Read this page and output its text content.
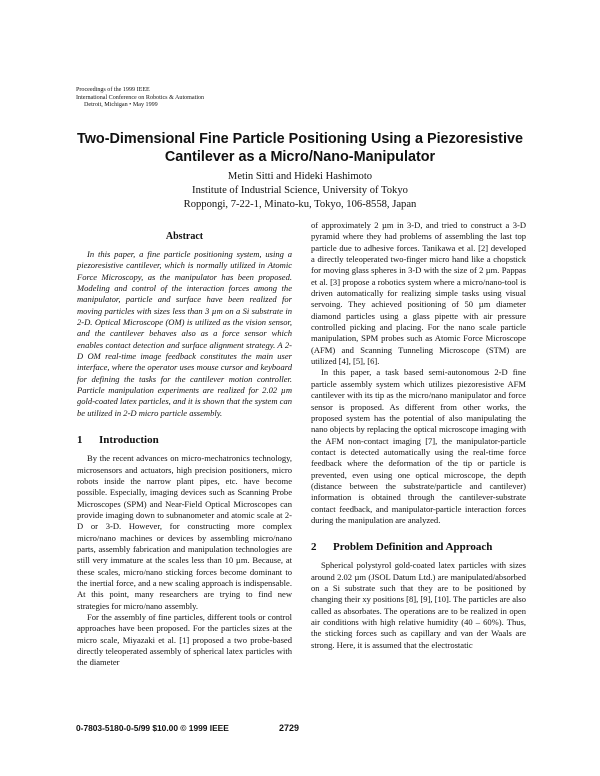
Proceedings of the 1999 IEEE
International Conference on Robotics & Automation
Detroit, Michigan • May 1999
Two-Dimensional Fine Particle Positioning Using a Piezoresistive
Cantilever as a Micro/Nano-Manipulator
Metin Sitti and Hideki Hashimoto
Institute of Industrial Science, University of Tokyo
Roppongi, 7-22-1, Minato-ku, Tokyo, 106-8558, Japan
Abstract

In this paper, a fine particle positioning system, using a piezoresistive cantilever, which is normally utilized in Atomic Force Microscopy, as the manipulator has been proposed. Modeling and control of the interaction forces among the manipulator, particle and surface have been realized for moving particles with sizes less than 3 µm on a Si substrate in 2-D. Optical Microscope (OM) is utilized as the vision sensor, and the cantilever behaves also as a force sensor which enables contact detection and surface alignment strategy. A 2-D OM real-time image feedback constitutes the main user interface, where the operator uses mouse cursor and keyboard for defining the tasks for the cantilever motion controller. Particle manipulation experiments are realized for 2.02 µm gold-coated latex particles, and it is shown that the system can be utilized in 2-D micro particle assembly.

1 Introduction

By the recent advances on micro-mechatronics technology, microsensors and actuators, high precision positioners, micro robots inside the narrow plant pipes, etc. have become possible. Especially, imaging devices such as Scanning Probe Microscopes (SPM) and Near-Field Optical Microscopes can provide imaging down to subnanometer and atomic scale at 2-D or 3-D. However, for constructing more complex micro/nano machines or devices by assembling micro/nano parts, assembly fabrication and manipulation technologies are still very immature at the scales less than 10 µm. Because, at these scales, micro/nano sticking forces become dominant to the inertial force, and a new scaling approach is indispensable. At this point, many researchers are trying to find new strategies for micro/nano assembly.

For the assembly of fine particles, different tools or control approaches have been proposed. For the particles sizes at the micro scale, Miyazaki et al. [1] proposed a two probe-based directly teleoperated assembly of spherical latex particles with the diameter

of approximately 2 µm in 3-D, and tried to construct a 3-D pyramid where they had problems of assembling the last top particle due to adhesive forces. Tanikawa et al. [2] developed a directly teleoperated two-finger micro hand like a chopstick for moving glass spheres in 3-D with the size of 2 µm. Pappas et al. [3] propose a robotics system where a micro/nano-tool is driven automatically for realizing simple tasks using visual servoing. They achieved positioning of 50 µm diameter diamond particles using a glass pipette with air pressure controlled picking and placing. For the nano scale particle manipulation, SPM probes such as Atomic Force Microscope (AFM) and Scanning Tunneling Microscope (STM) are utilized [4], [5], [6].

In this paper, a task based semi-autonomous 2-D fine particle assembly system which utilizes piezoresistive AFM cantilever with its tip as the micro/nano manipulator and force sensor is proposed. As different from other works, the proposed system has the potential of also manipulating the nano objects by replacing the optical microscope imaging with the AFM non-contact imaging [7], the manipulator-particle contact is detected automatically using the real-time force feedback where the deformation of the tip or particle is prevented, even using one optical microscope, the depth (distance between the substrate/particle and cantilever) information is obtained through the cantilever-substrate contact feedback, and manipulator-particle interaction forces during the manipulation are analyzed.

2 Problem Definition and Approach

Spherical polystyrol gold-coated latex particles with sizes around 2.02 µm (JSOL Datum Ltd.) are manipulated/absorbed on a Si substrate such that they are to be positioned by changing their xy positions [8], [9], [10]. The particles are also called as absorbates. The operations are to be realized in open air conditions with high relative humidity (40 – 60%). Thus, the sticking forces such as capillary and van der Waals are strong. Here, it is assumed that the electrostatic

0-7803-5180-0-5/99 $10.00 © 1999 IEEE	2729
